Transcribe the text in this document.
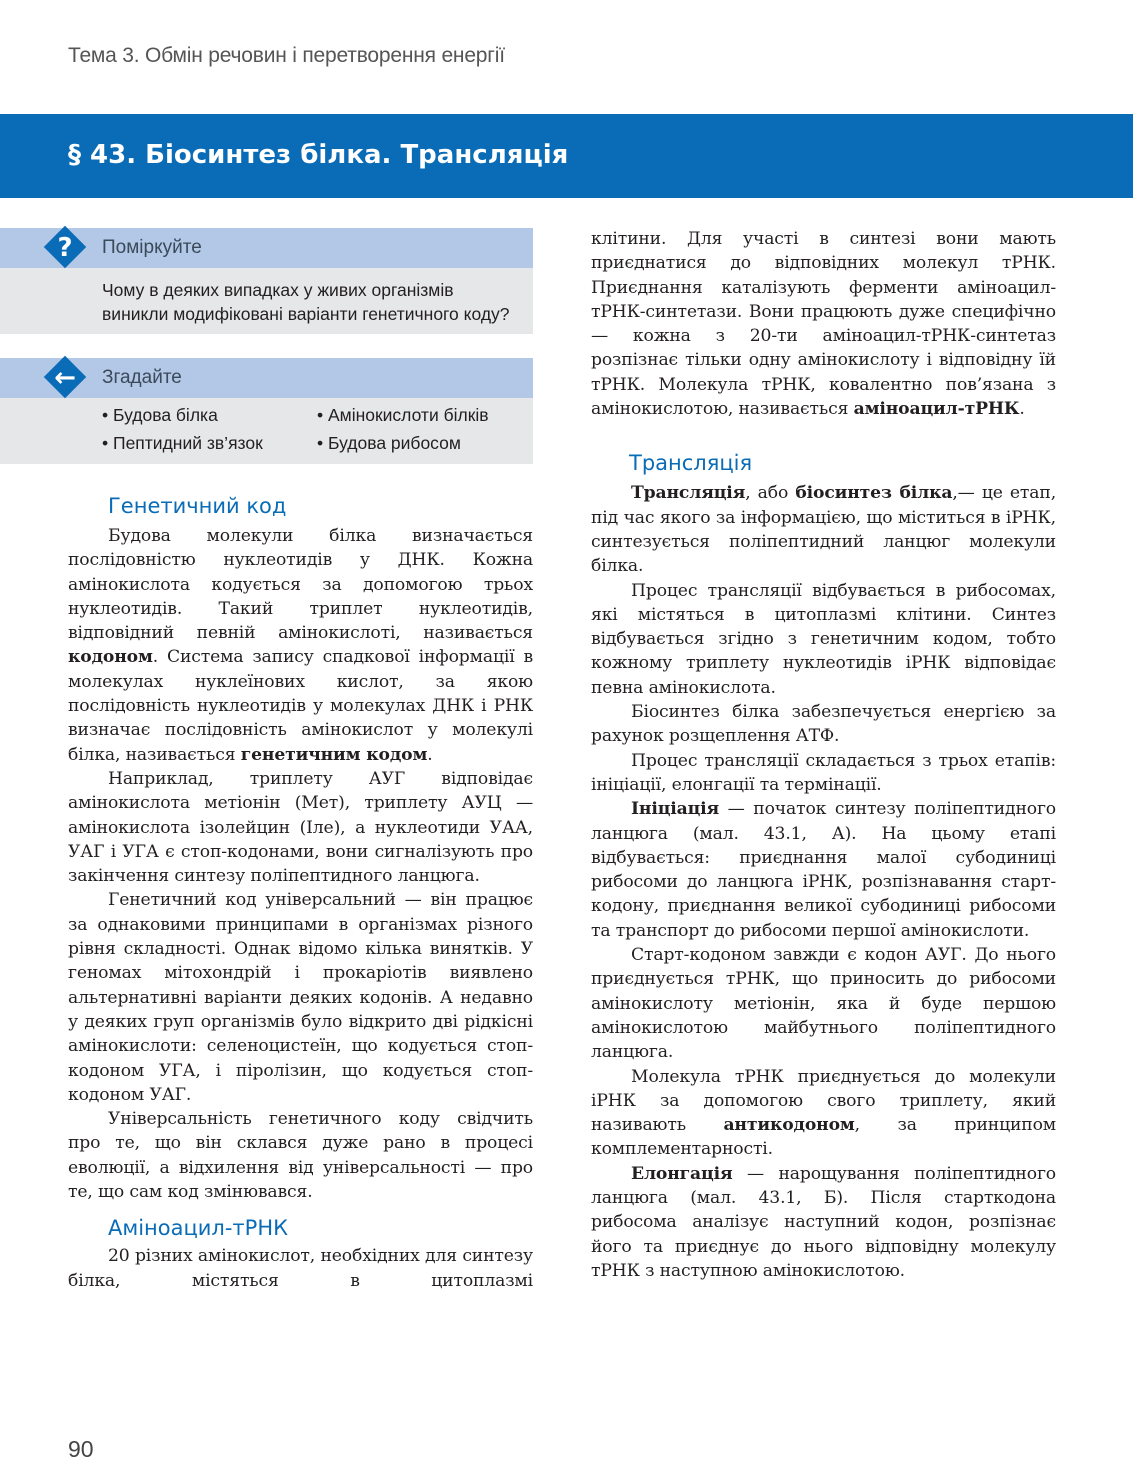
Тема 3. Обмін речовин і перетворення енергії
§ 43. Біосинтез білка. Трансляція
?	Поміркуйте
Чому в деяких випадках у живих організмів виникли модифіковані варіанти генетичного коду?
←	Згадайте
• Будова білка	• Амінокислоти білків
• Пептидний зв’язок	• Будова рибосом
Генетичний код

Будова молекули білка визначається послідовністю нуклеотидів у ДНК. Кожна амінокислота кодується за допомогою трьох нуклеотидів. Такий триплет нуклеотидів, відповідний певній амінокислоті, називається кодоном. Система запису спадкової інформації в молекулах нуклеїнових кислот, за якою послідовність нуклеотидів у молекулах ДНК і РНК визначає послідовність амінокислот у молекулі білка, називається генетичним кодом.

Наприклад, триплету АУГ відповідає амінокислота метіонін (Мет), триплету АУЦ — амінокислота ізолейцин (Іле), а нуклеотиди УАА, УАГ і УГА є стоп-кодонами, вони сигналізують про закінчення синтезу поліпептидного ланцюга.

Генетичний код універсальний — він працює за однаковими принципами в організмах різного рівня складності. Однак відомо кілька винятків. У геномах мітохондрій і прокаріотів виявлено альтернативні варіанти деяких кодонів. А недавно у деяких груп організмів було відкрито дві рідкісні амінокислоти: селеноцистеїн, що кодується стоп-кодоном УГА, і піролізин, що кодується стоп-кодоном УАГ.

Універсальність генетичного коду свідчить про те, що він склався дуже рано в процесі еволюції, а відхилення від універсальності — про те, що сам код змінювався.

Аміноацил-тРНК

20 різних амінокислот, необхідних для синтезу білка, містяться в цитоплазмі

клітини. Для участі в синтезі вони мають приєднатися до відповідних молекул тРНК. Приєднання каталізують ферменти аміноацил-тРНК-синтетази. Вони працюють дуже специфічно — кожна з 20-ти аміноацил-тРНК-синтетаз розпізнає тільки одну амінокислоту і відповідну їй тРНК. Молекула тРНК, ковалентно пов’язана з амінокислотою, називається аміноацил-тРНК.

Трансляція

Трансляція, або біосинтез білка,— це етап, під час якого за інформацією, що міститься в іРНК, синтезується поліпептидний ланцюг молекули білка.

Процес трансляції відбувається в рибосомах, які містяться в цитоплазмі клітини. Синтез відбувається згідно з генетичним кодом, тобто кожному триплету нуклеотидів іРНК відповідає певна амінокислота.

Біосинтез білка забезпечується енергією за рахунок розщеплення АТФ.

Процес трансляції складається з трьох етапів: ініціації, елонгації та термінації.

Ініціація — початок синтезу поліпептидного ланцюга (мал. 43.1, А). На цьому етапі відбувається: приєднання малої субодиниці рибосоми до ланцюга іРНК, розпізнавання старт-кодону, приєднання великої субодиниці рибосоми та транспорт до рибосоми першої амінокислоти.

Старт-кодоном завжди є кодон АУГ. До нього приєднується тРНК, що приносить до рибосоми амінокислоту метіонін, яка й буде першою амінокислотою майбутнього поліпептидного ланцюга.

Молекула тРНК приєднується до молекули іРНК за допомогою свого триплету, який називають антикодоном, за принципом комплементарності.

Елонгація — нарощування поліпептидного ланцюга (мал. 43.1, Б). Після старткодона рибосома аналізує наступний кодон, розпізнає його та приєднує до нього відповідну молекулу тРНК з наступною амінокислотою.

90
